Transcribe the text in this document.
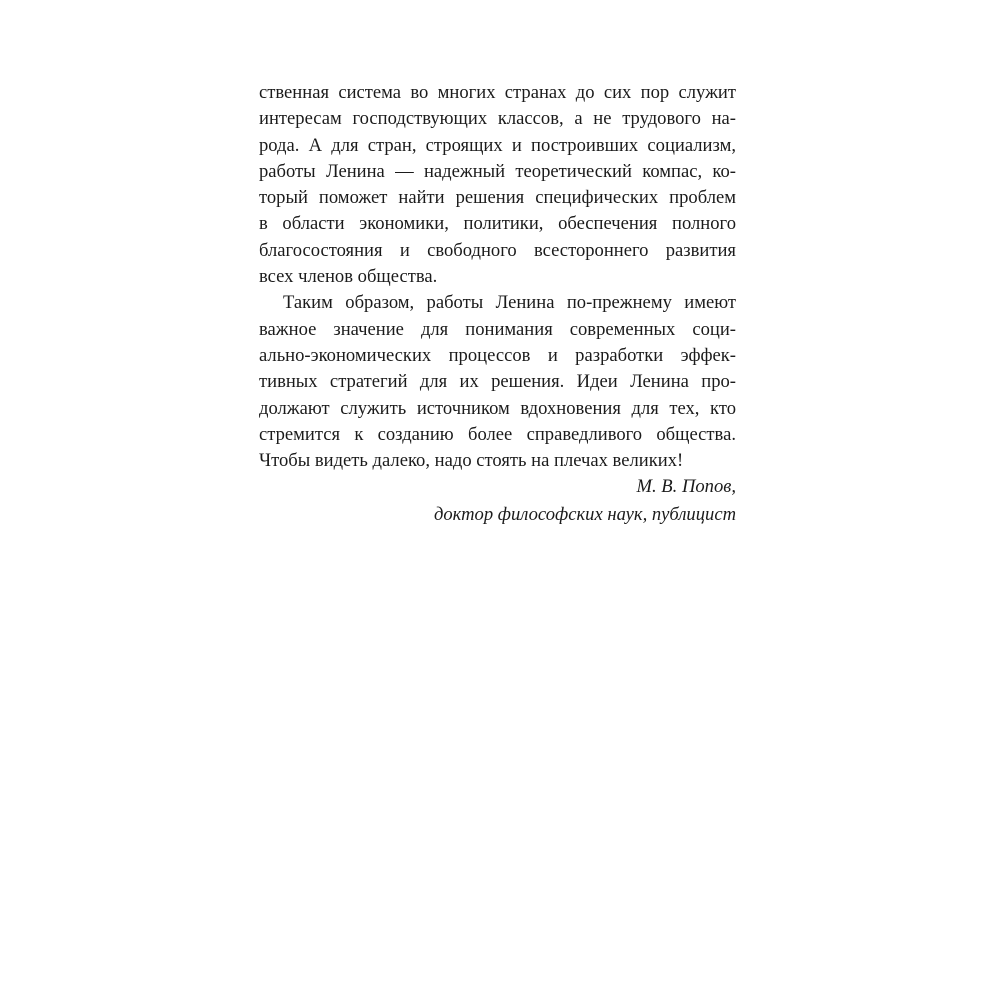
ственная система во многих странах до сих пор служит
интересам господствующих классов, а не трудового на-
рода. А для стран, строящих и построивших социализм,
работы Ленина — надежный теоретический компас, ко-
торый поможет найти решения специфических проблем
в области экономики, политики, обеспечения полного
благосостояния и свободного всестороннего развития
всех членов общества.
Таким образом, работы Ленина по-прежнему имеют
важное значение для понимания современных соци-
ально-экономических процессов и разработки эффек-
тивных стратегий для их решения. Идеи Ленина про-
должают служить источником вдохновения для тех, кто
стремится к созданию более справедливого общества.
Чтобы видеть далеко, надо стоять на плечах великих!
М. В. Попов,
доктор философских наук, публицист
